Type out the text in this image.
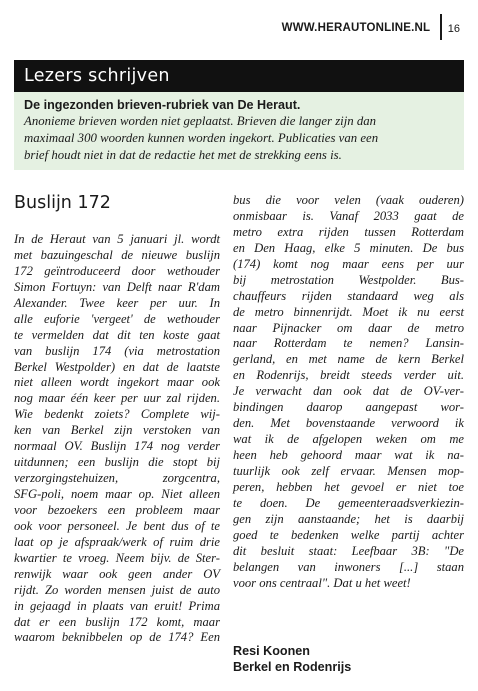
WWW.HERAUTONLINE.NL	16
Lezers schrijven
De ingezonden brieven-rubriek van De Heraut.
Anonieme brieven worden niet geplaatst. Brieven die langer zijn dan
maximaal 300 woorden kunnen worden ingekort. Publicaties van een
brief houdt niet in dat de redactie het met de strekking eens is.
Buslijn 172
In de Heraut van 5 januari jl. wordt
met bazuingeschal de nieuwe buslijn
172 geïntroduceerd door wethouder
Simon Fortuyn: van Delft naar R'dam
Alexander. Twee keer per uur. In
alle euforie 'vergeet' de wethouder
te vermelden dat dit ten koste gaat
van buslijn 174 (via metrostation
Berkel Westpolder) en dat de laatste
niet alleen wordt ingekort maar ook
nog maar één keer per uur zal rijden.
Wie bedenkt zoiets? Complete wij-
ken van Berkel zijn verstoken van
normaal OV. Buslijn 174 nog verder
uitdunnen; een buslijn die stopt bij
verzorgingstehuizen, zorgcentra,
SFG-poli, noem maar op. Niet alleen
voor bezoekers een probleem maar
ook voor personeel. Je bent dus of te
laat op je afspraak/werk of ruim drie
kwartier te vroeg. Neem bijv. de Ster-
renwijk waar ook geen ander OV
rijdt. Zo worden mensen juist de auto
in gejaagd in plaats van eruit! Prima
dat er een buslijn 172 komt, maar
waarom beknibbelen op de 174? Een
bus die voor velen (vaak ouderen)
onmisbaar is. Vanaf 2033 gaat de
metro extra rijden tussen Rotterdam
en Den Haag, elke 5 minuten. De bus
(174) komt nog maar eens per uur
bij metrostation Westpolder. Bus-
chauffeurs rijden standaard weg als
de metro binnenrijdt. Moet ik nu eerst
naar Pijnacker om daar de metro
naar Rotterdam te nemen? Lansin-
gerland, en met name de kern Berkel
en Rodenrijs, breidt steeds verder uit.
Je verwacht dan ook dat de OV-ver-
bindingen daarop aangepast wor-
den. Met bovenstaande verwoord ik
wat ik de afgelopen weken om me
heen heb gehoord maar wat ik na-
tuurlijk ook zelf ervaar. Mensen mop-
peren, hebben het gevoel er niet toe
te doen. De gemeenteraadsverkiezin-
gen zijn aanstaande; het is daarbij
goed te bedenken welke partij achter
dit besluit staat: Leefbaar 3B: "De
belangen van inwoners [...] staan
voor ons centraal". Dat u het weet!
Resi Koonen
Berkel en Rodenrijs
